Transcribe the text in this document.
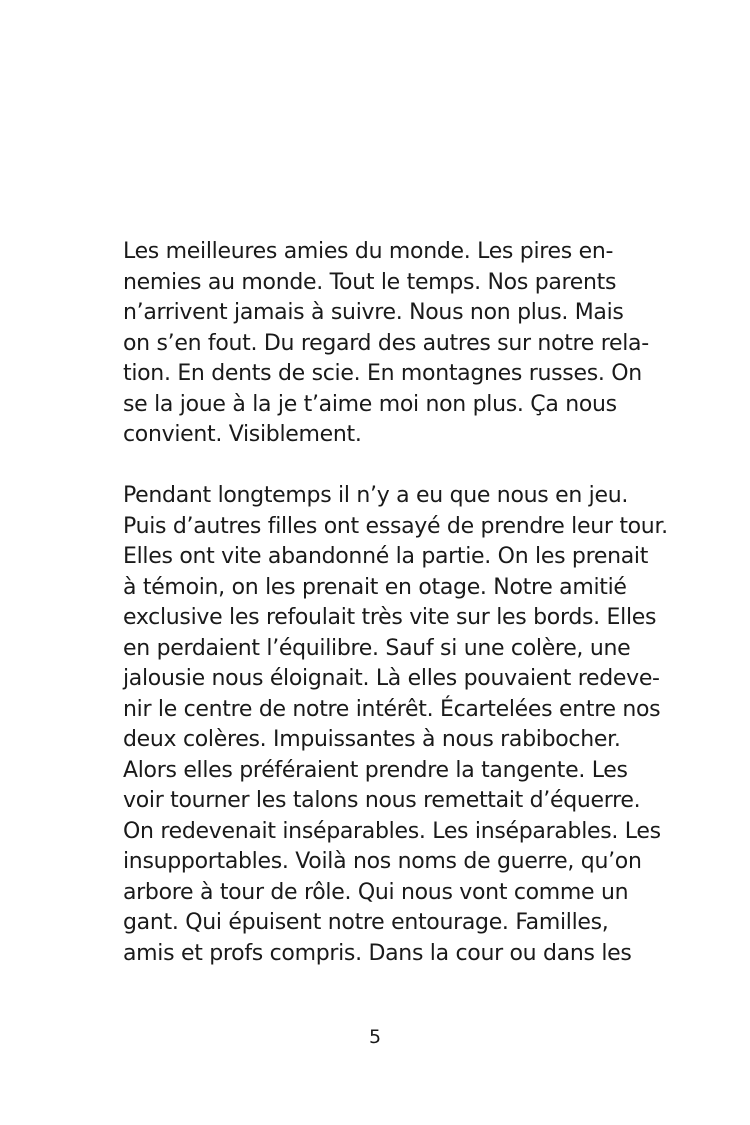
Les meilleures amies du monde. Les pires en-
nemies au monde. Tout le temps. Nos parents
n’arrivent jamais à suivre. Nous non plus. Mais
on s’en fout. Du regard des autres sur notre rela-
tion. En dents de scie. En montagnes russes. On
se la joue à la je t’aime moi non plus. Ça nous
convient. Visiblement.
Pendant longtemps il n’y a eu que nous en jeu.
Puis d’autres filles ont essayé de prendre leur tour.
Elles ont vite abandonné la partie. On les prenait
à témoin, on les prenait en otage. Notre amitié
exclusive les refoulait très vite sur les bords. Elles
en perdaient l’équilibre. Sauf si une colère, une
jalousie nous éloignait. Là elles pouvaient redeve-
nir le centre de notre intérêt. Écartelées entre nos
deux colères. Impuissantes à nous rabibocher.
Alors elles préféraient prendre la tangente. Les
voir tourner les talons nous remettait d’équerre.
On redevenait inséparables. Les inséparables. Les
insupportables. Voilà nos noms de guerre, qu’on
arbore à tour de rôle. Qui nous vont comme un
gant. Qui épuisent notre entourage. Familles,
amis et profs compris. Dans la cour ou dans les
5
